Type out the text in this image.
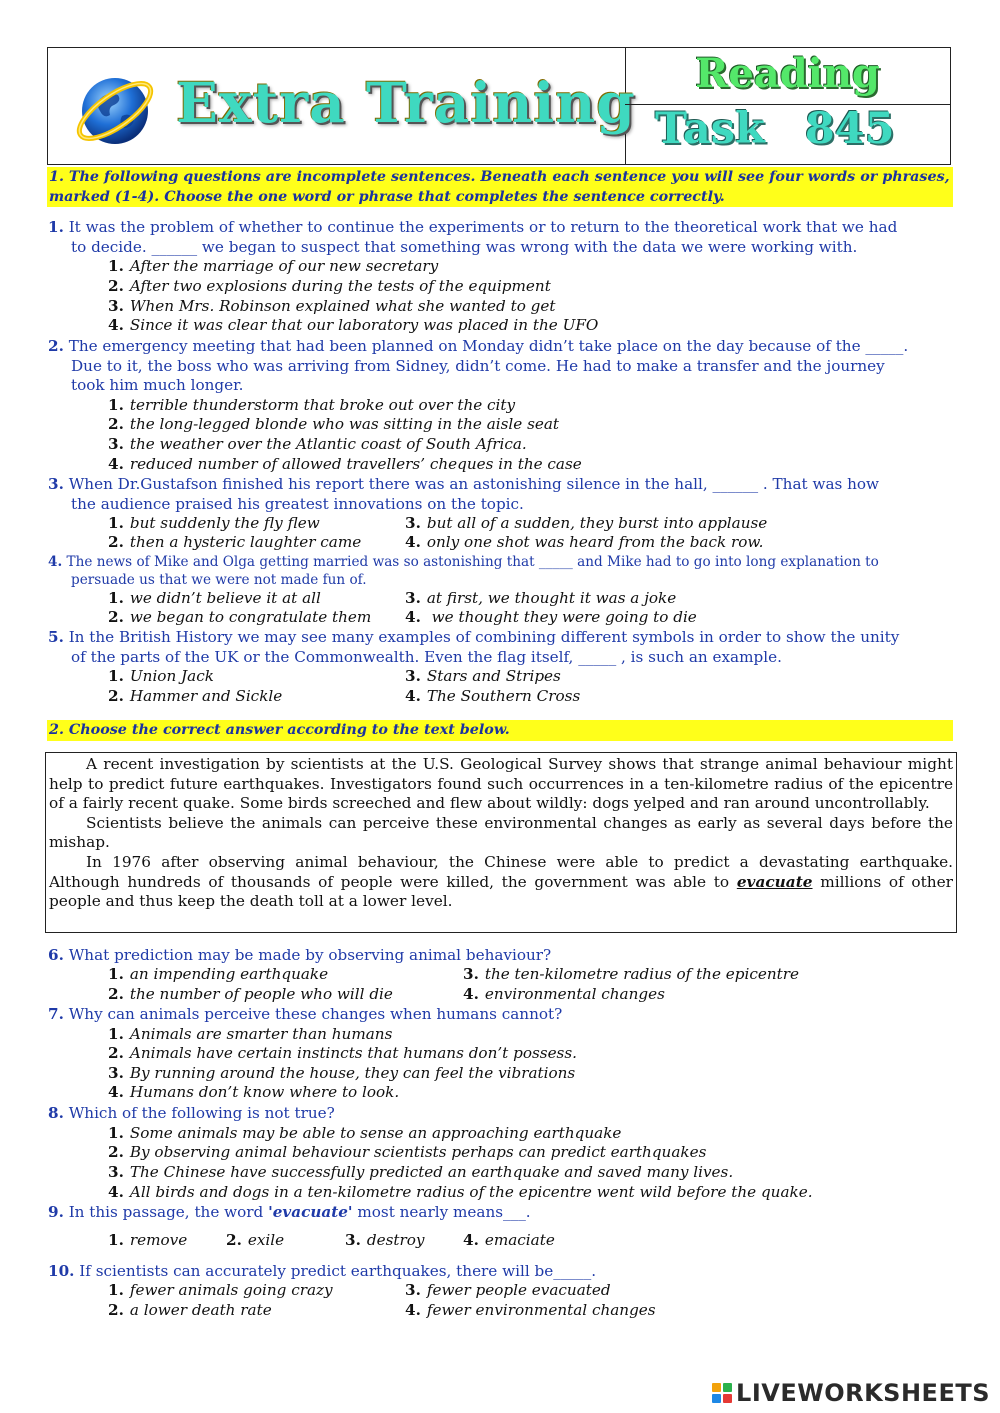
Extra Training	Reading
Task 845
1. The following questions are incomplete sentences. Beneath each sentence you will see four words or phrases, marked (1-4). Choose the one word or phrase that completes the sentence correctly.
1. It was the problem of whether to continue the experiments or to return to the theoretical work that we had
to decide. ______ we began to suspect that something was wrong with the data we were working with.
1. After the marriage of our new secretary
2. After two explosions during the tests of the equipment
3. When Mrs. Robinson explained what she wanted to get
4. Since it was clear that our laboratory was placed in the UFO
2. The emergency meeting that had been planned on Monday didn’t take place on the day because of the _____.
Due to it, the boss who was arriving from Sidney, didn’t come. He had to make a transfer and the journey
took him much longer.
1. terrible thunderstorm that broke out over the city
2. the long-legged blonde who was sitting in the aisle seat
3. the weather over the Atlantic coast of South Africa.
4. reduced number of allowed travellers’ cheques in the case
3. When Dr.Gustafson finished his report there was an astonishing silence in the hall, ______ . That was how
the audience praised his greatest innovations on the topic.
1. but suddenly the fly flew
2. then a hysteric laughter came
3. but all of a sudden, they burst into applause
4. only one shot was heard from the back row.
4. The news of Mike and Olga getting married was so astonishing that _____ and Mike had to go into long explanation to
persuade us that we were not made fun of.
1. we didn’t believe it at all
2. we began to congratulate them
3. at first, we thought it was a joke
4. we thought they were going to die
5. In the British History we may see many examples of combining different symbols in order to show the unity
of the parts of the UK or the Commonwealth. Even the flag itself, _____ , is such an example.
1. Union Jack
2. Hammer and Sickle
3. Stars and Stripes
4. The Southern Cross
2. Choose the correct answer according to the text below.

A recent investigation by scientists at the U.S. Geological Survey shows that strange animal behaviour might help to predict future earthquakes. Investigators found such occurrences in a ten-kilometre radius of the epicentre of a fairly recent quake. Some birds screeched and flew about wildly: dogs yelped and ran around uncontrollably.

Scientists believe the animals can perceive these environmental changes as early as several days before the mishap.

In 1976 after observing animal behaviour, the Chinese were able to predict a devastating earthquake. Although hundreds of thousands of people were killed, the government was able to evacuate millions of other people and thus keep the death toll at a lower level.

6. What prediction may be made by observing animal behaviour?
1. an impending earthquake
2. the number of people who will die
3. the ten-kilometre radius of the epicentre
4. environmental changes
7. Why can animals perceive these changes when humans cannot?
1. Animals are smarter than humans
2. Animals have certain instincts that humans don’t possess.
3. By running around the house, they can feel the vibrations
4. Humans don’t know where to look.
8. Which of the following is not true?
1. Some animals may be able to sense an approaching earthquake
2. By observing animal behaviour scientists perhaps can predict earthquakes
3. The Chinese have successfully predicted an earthquake and saved many lives.
4. All birds and dogs in a ten-kilometre radius of the epicentre went wild before the quake.
9. In this passage, the word 'evacuate' most nearly means___.
1. remove	2. exile	3. destroy	4. emaciate
10. If scientists can accurately predict earthquakes, there will be_____.
1. fewer animals going crazy
2. a lower death rate
3. fewer people evacuated
4. fewer environmental changes
LIVEWORKSHEETS
